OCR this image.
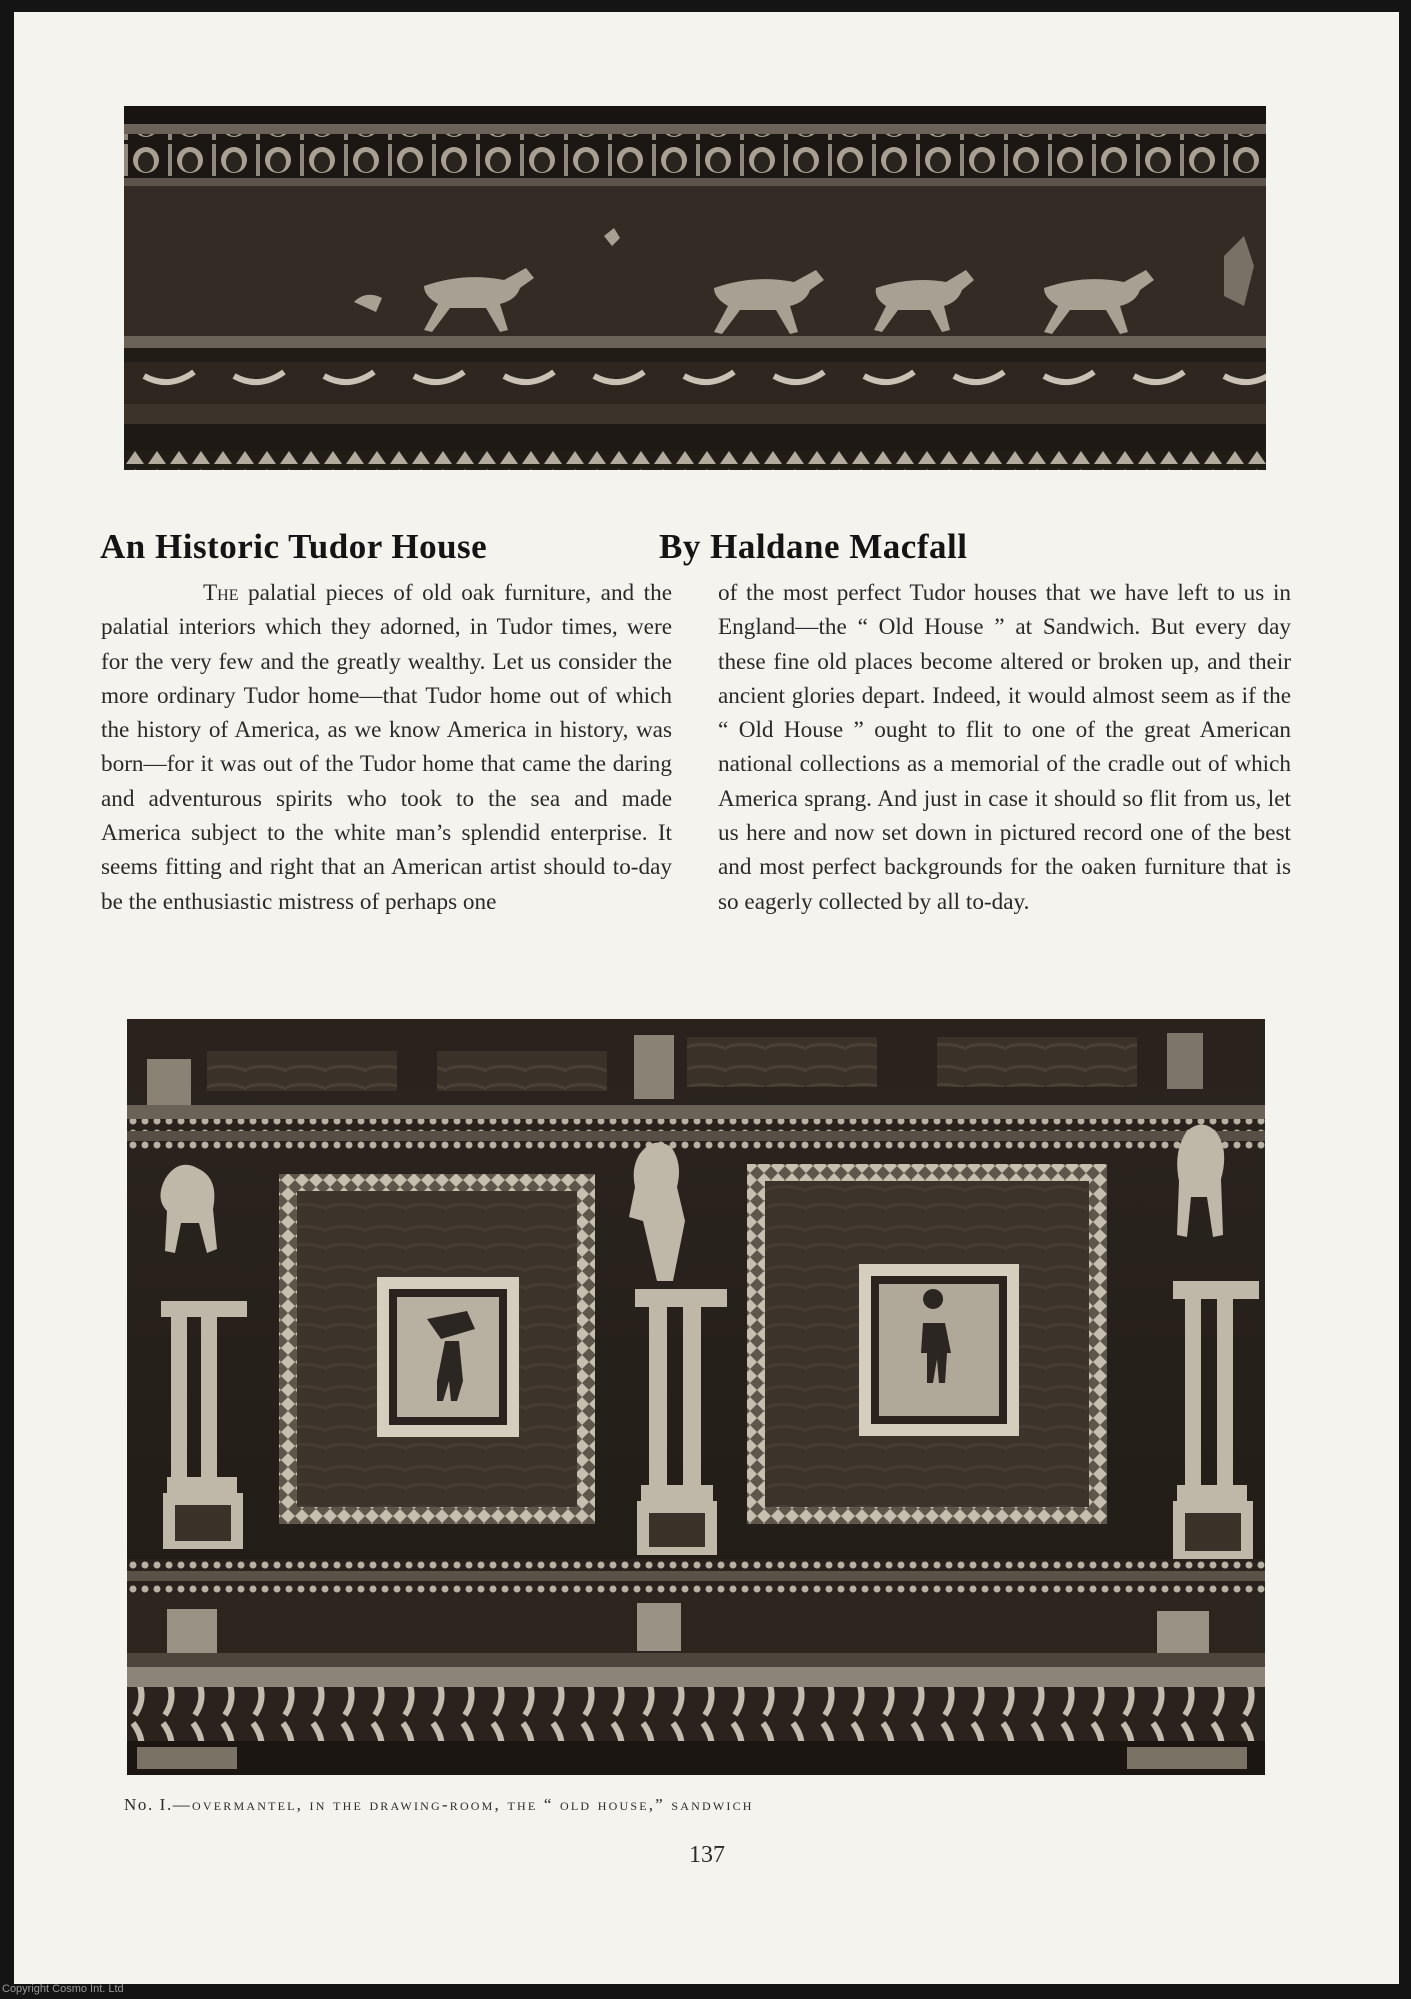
An Historic Tudor House	By Haldane Macfall
The palatial pieces of old oak furniture, and the palatial interiors which they adorned, in Tudor times, were for the very few and the greatly wealthy. Let us consider the more ordinary Tudor home—that Tudor home out of which the history of America, as we know America in history, was born—for it was out of the Tudor home that came the daring and adventurous spirits who took to the sea and made America subject to the white man’s splendid enterprise. It seems fitting and right that an American artist should to-day be the enthusiastic mistress of perhaps one
of the most perfect Tudor houses that we have left to us in England—the “ Old House ” at Sandwich. But every day these fine old places become altered or broken up, and their ancient glories depart. Indeed, it would almost seem as if the “ Old House ” ought to flit to one of the great American national collections as a memorial of the cradle out of which America sprang. And just in case it should so flit from us, let us here and now set down in pictured record one of the best and most perfect backgrounds for the oaken furniture that is so eagerly collected by all to-day.
No. I.—overmantel, in the drawing-room, the “ old house,” sandwich
137
Copyright Cosmo Int. Ltd
